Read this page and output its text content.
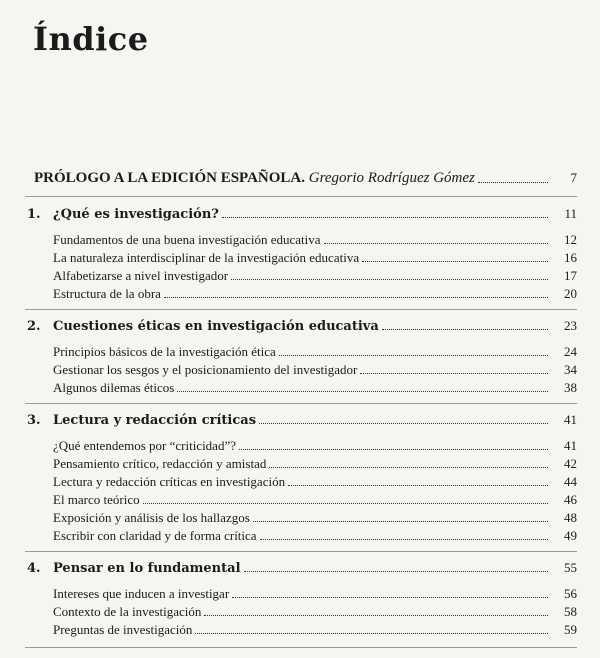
Índice
PRÓLOGO A LA EDICIÓN ESPAÑOLA. Gregorio Rodríguez Gómez	7
1. ¿Qué es investigación?	11
Fundamentos de una buena investigación educativa	12
La naturaleza interdisciplinar de la investigación educativa	16
Alfabetizarse a nivel investigador	17
Estructura de la obra	20
2. Cuestiones éticas en investigación educativa	23
Principios básicos de la investigación ética	24
Gestionar los sesgos y el posicionamiento del investigador	34
Algunos dilemas éticos	38
3. Lectura y redacción críticas	41
¿Qué entendemos por “criticidad”?	41
Pensamiento crítico, redacción y amistad	42
Lectura y redacción críticas en investigación	44
El marco teórico	46
Exposición y análisis de los hallazgos	48
Escribir con claridad y de forma crítica	49
4. Pensar en lo fundamental	55
Intereses que inducen a investigar	56
Contexto de la investigación	58
Preguntas de investigación	59
